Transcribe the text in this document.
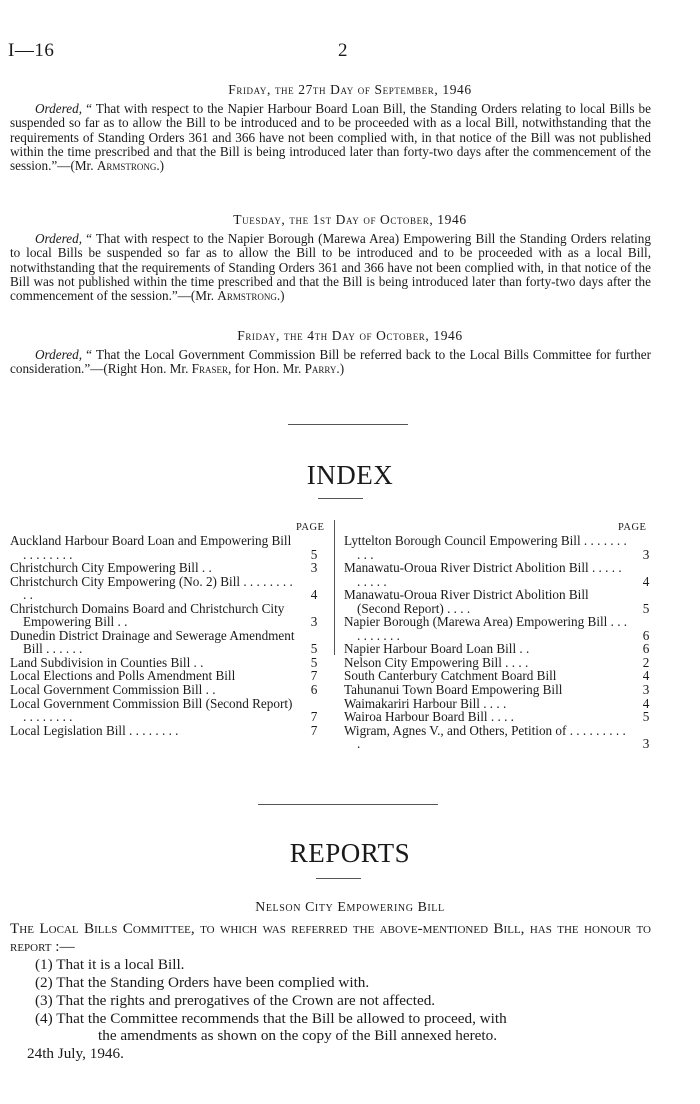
I—16	2
Friday, the 27th Day of September, 1946

Ordered, “ That with respect to the Napier Harbour Board Loan Bill, the Standing Orders relating to local Bills be suspended so far as to allow the Bill to be introduced and to be proceeded with as a local Bill, notwithstanding that the requirements of Standing Orders 361 and 366 have not been complied with, in that notice of the Bill was not published within the time prescribed and that the Bill is being introduced later than forty-two days after the commencement of the session.”—(Mr. Armstrong.)

Tuesday, the 1st Day of October, 1946

Ordered, “ That with respect to the Napier Borough (Marewa Area) Empowering Bill the Standing Orders relating to local Bills be suspended so far as to allow the Bill to be introduced and to be proceeded with as a local Bill, notwithstanding that the requirements of Standing Orders 361 and 366 have not been complied with, in that notice of the Bill was not published within the time prescribed and that the Bill is being introduced later than forty-two days after the commencement of the session.”—(Mr. Armstrong.)

Friday, the 4th Day of October, 1946

Ordered, “ That the Local Government Commission Bill be referred back to the Local Bills Committee for further consideration.”—(Right Hon. Mr. Fraser, for Hon. Mr. Parry.)

INDEX
PAGE	PAGE
Auckland Harbour Board Loan and Empowering Bill . . . . . . . .	5
Christchurch City Empowering Bill . .	3
Christchurch City Empowering (No. 2) Bill . . . . . . . . . .	4
Christchurch Domains Board and Christchurch City Empowering Bill . .	3
Dunedin District Drainage and Sewerage Amendment Bill . . . . . .	5
Land Subdivision in Counties Bill . .	5
Local Elections and Polls Amendment Bill	7
Local Government Commission Bill . .	6
Local Government Commission Bill (Second Report) . . . . . . . .	7
Local Legislation Bill . . . . . . . .	7
Lyttelton Borough Council Empowering Bill . . . . . . . . . .	3
Manawatu-Oroua River District Abolition Bill . . . . . . . . . .	4
Manawatu-Oroua River District Abolition Bill (Second Report) . . . .	5
Napier Borough (Marewa Area) Empowering Bill . . . . . . . . . .	6
Napier Harbour Board Loan Bill . .	6
Nelson City Empowering Bill . . . .	2
South Canterbury Catchment Board Bill	4
Tahunanui Town Board Empowering Bill	3
Waimakariri Harbour Bill . . . .	4
Wairoa Harbour Board Bill . . . .	5
Wigram, Agnes V., and Others, Petition of . . . . . . . . . .	3
REPORTS
Nelson City Empowering Bill

The Local Bills Committee, to which was referred the above-mentioned Bill, has the honour to report :—

(1) That it is a local Bill.

(2) That the Standing Orders have been complied with.

(3) That the rights and prerogatives of the Crown are not affected.

(4) That the Committee recommends that the Bill be allowed to proceed, with

the amendments as shown on the copy of the Bill annexed hereto.

24th July, 1946.
